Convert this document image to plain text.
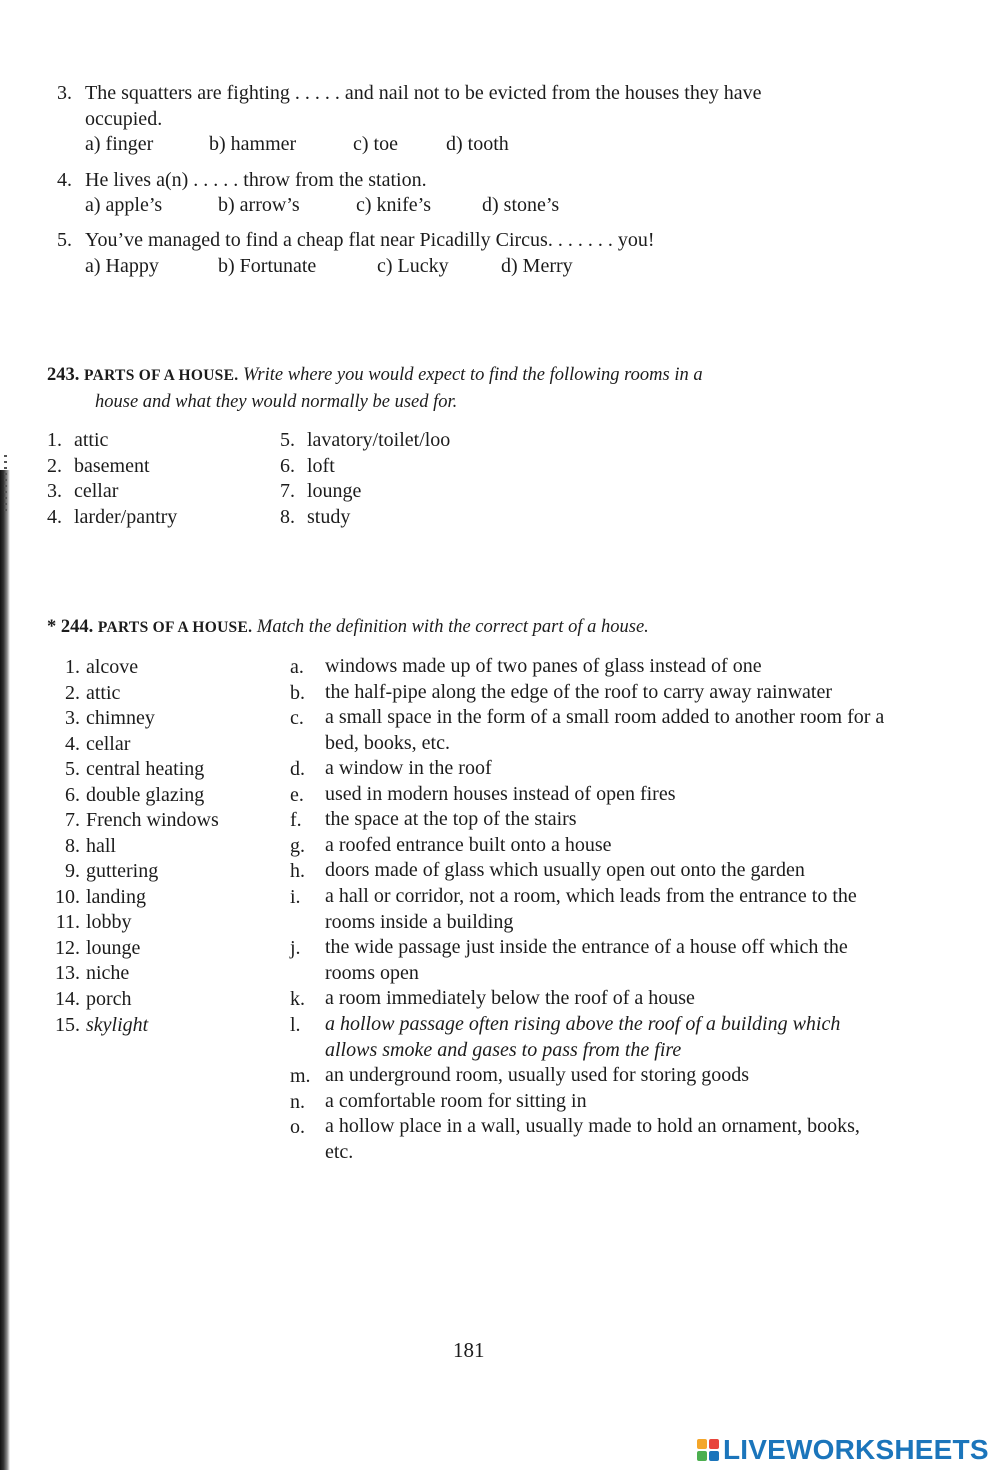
3. The squatters are fighting . . . . . and nail not to be evicted from the houses they have
occupied.
a) finger	b) hammer	c) toe d) tooth
4. He lives a(n) . . . . . throw from the station.
a) apple’s	b) arrow’s	c) knife’s	d) stone’s
5. You’ve managed to find a cheap flat near Picadilly Circus. . . . . . . you!
a) Happy	b) Fortunate	c) Lucky	d) Merry
243. PARTS OF A HOUSE. Write where you would expect to find the following rooms in a
house and what they would normally be used for.
1. attic
2. basement
3. cellar
4. larder/pantry
5. lavatory/toilet/loo
6. loft
7. lounge
8. study
* 244. PARTS OF A HOUSE. Match the definition with the correct part of a house.
1. alcove
2. attic
3. chimney
4. cellar
5. central heating
6. double glazing
7. French windows
8. hall
9. guttering
10. landing
11. lobby
12. lounge
13. niche
14. porch
15. skylight
a.	windows made up of two panes of glass instead of one
b.	the half-pipe along the edge of the roof to carry away rainwater
c.	a small space in the form of a small room added to another room for a bed, books, etc.
d.	a window in the roof
e.	used in modern houses instead of open fires
f.	the space at the top of the stairs
g.	a roofed entrance built onto a house
h.	doors made of glass which usually open out onto the garden
i.	a hall or corridor, not a room, which leads from the entrance to the rooms inside a building
j.	the wide passage just inside the entrance of a house off which the rooms open
k.	a room immediately below the roof of a house
l.	a hollow passage often rising above the roof of a building which allows smoke and gases to pass from the fire
m. an underground room, usually used for storing goods
n.	a comfortable room for sitting in
o.	a hollow place in a wall, usually made to hold an ornament, books, etc.
181
LIVEWORKSHEETS
